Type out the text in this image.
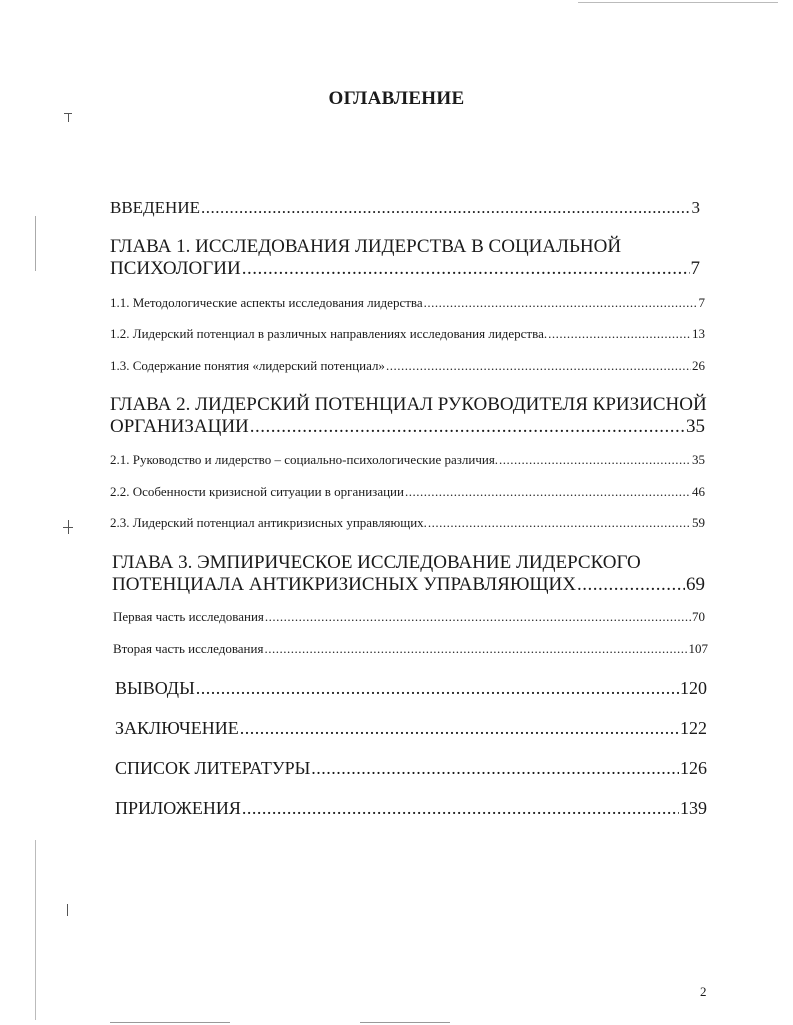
ОГЛАВЛЕНИЕ
ВВЕДЕНИЕ .....	3
ГЛАВА 1. ИССЛЕДОВАНИЯ ЛИДЕРСТВА В СОЦИАЛЬНОЙ
ПСИХОЛОГИИ .....	7
1.1. Методологические аспекты исследования лидерства .....	7
1.2. Лидерский потенциал в различных направлениях исследования лидерства. .....	13
1.3. Содержание понятия «лидерский потенциал» .....	26
ГЛАВА 2. ЛИДЕРСКИЙ ПОТЕНЦИАЛ РУКОВОДИТЕЛЯ КРИЗИСНОЙ
ОРГАНИЗАЦИИ .....	35
2.1. Руководство и лидерство – социально-психологические различия. .....	35
2.2. Особенности кризисной ситуации в организации .....	46
2.3. Лидерский потенциал антикризисных управляющих. .....	59
ГЛАВА 3. ЭМПИРИЧЕСКОЕ ИССЛЕДОВАНИЕ ЛИДЕРСКОГО
ПОТЕНЦИАЛА АНТИКРИЗИСНЫХ УПРАВЛЯЮЩИХ .....	69
Первая часть исследования .....	70
Вторая часть исследования .....	107
ВЫВОДЫ .....	120
ЗАКЛЮЧЕНИЕ .....	122
СПИСОК ЛИТЕРАТУРЫ .....	126
ПРИЛОЖЕНИЯ .....	139
2
